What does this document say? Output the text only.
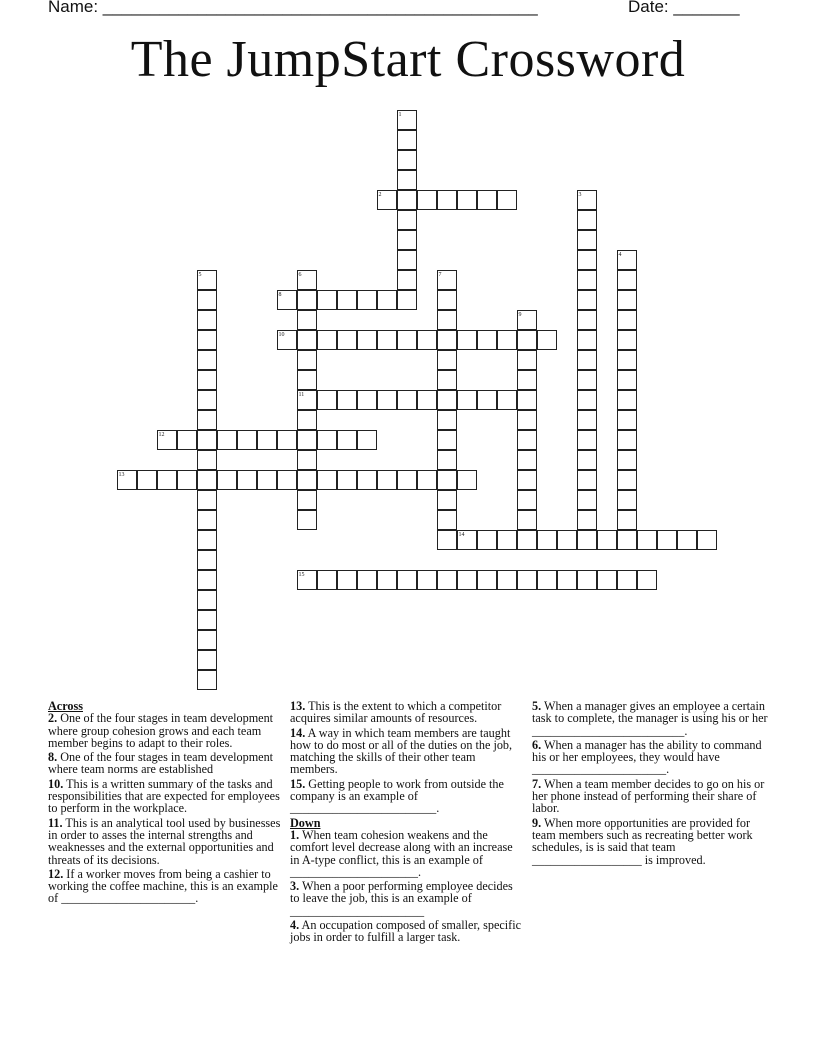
Name: ______________________________________________	Date: _______
The JumpStart Crossword
1
2	3
4
5	6	7
8
9
10
11
12
13
14
15
Across
2. One of the four stages in team development where group cohesion grows and each team member begins to adapt to their roles.
8. One of the four stages in team development where team norms are established
10. This is a written summary of the tasks and responsibilities that are expected for employees to perform in the workplace.
11. This is an analytical tool used by businesses in order to asses the internal strengths and weaknesses and the external opportunities and threats of its decisions.
12. If a worker moves from being a cashier to working the coffee machine, this is an example of ______________________.
13. This is the extent to which a competitor acquires similar amounts of resources.
14. A way in which team members are taught how to do most or all of the duties on the job, matching the skills of their other team members.
15. Getting people to work from outside the company is an example of ________________________.
Down
1. When team cohesion weakens and the comfort level decrease along with an increase in A-type conflict, this is an example of _____________________.
3. When a poor performing employee decides to leave the job, this is an example of ______________________
4. An occupation composed of smaller, specific jobs in order to fulfill a larger task.
5. When a manager gives an employee a certain task to complete, the manager is using his or her _________________________.
6. When a manager has the ability to command his or her employees, they would have ______________________.
7. When a team member decides to go on his or her phone instead of performing their share of labor.
9. When more opportunities are provided for team members such as recreating better work schedules, is is said that team __________________ is improved.
